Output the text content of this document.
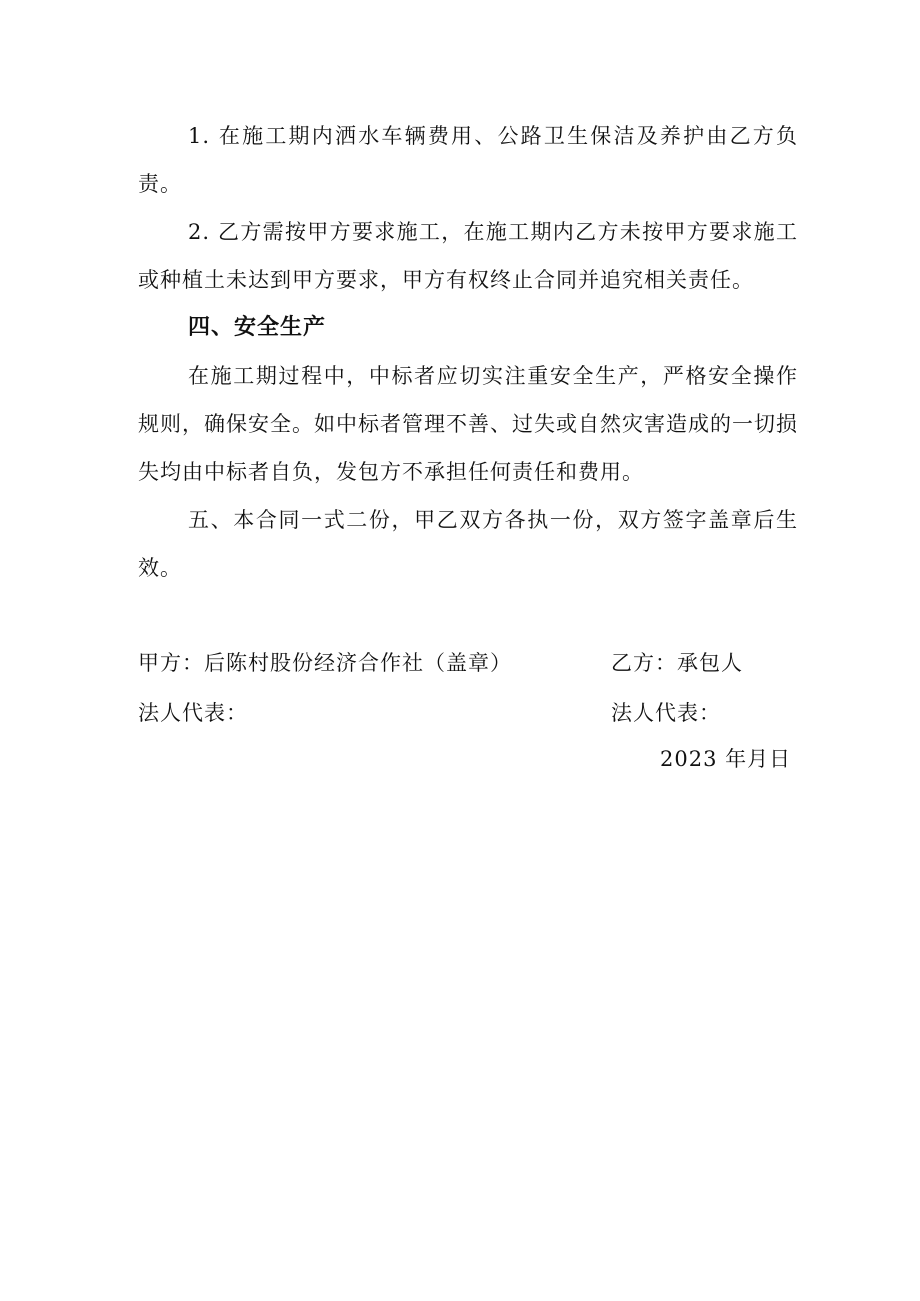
1. 在施工期内洒水车辆费用、公路卫生保洁及养护由乙方负责。

2. 乙方需按甲方要求施工，在施工期内乙方未按甲方要求施工或种植土未达到甲方要求，甲方有权终止合同并追究相关责任。

四、安全生产

在施工期过程中，中标者应切实注重安全生产，严格安全操作规则，确保安全。如中标者管理不善、过失或自然灾害造成的一切损失均由中标者自负，发包方不承担任何责任和费用。

五、本合同一式二份，甲乙双方各执一份，双方签字盖章后生效。

甲方：后陈村股份经济合作社（盖章）	乙方：承包人
法人代表：	法人代表：
2023 年月日
